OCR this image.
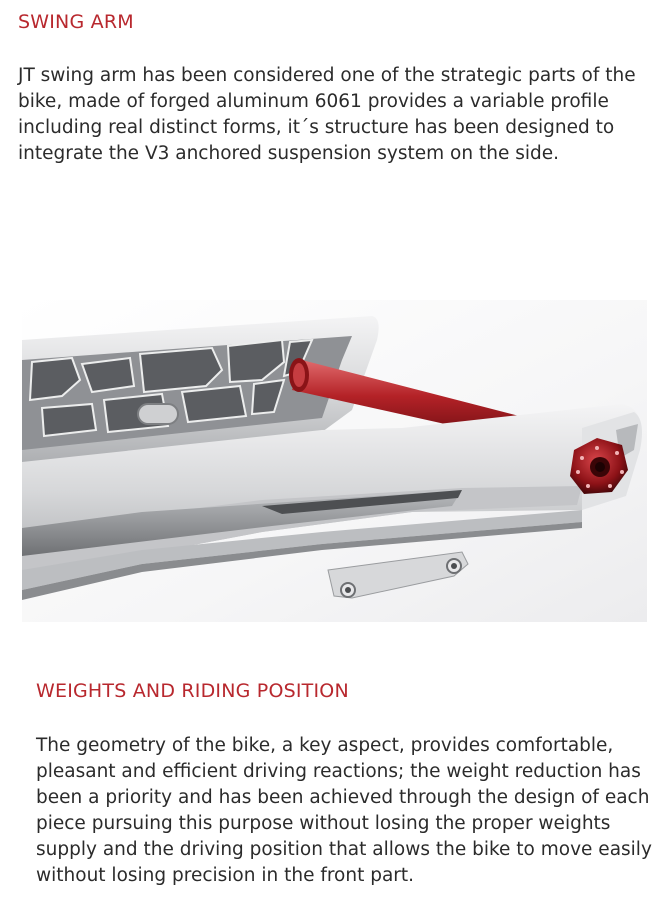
SWING ARM

JT swing arm has been considered one of the strategic parts of the
bike, made of forged aluminum 6061 provides a variable profile
including real distinct forms, it´s structure has been designed to
integrate the V3 anchored suspension system on the side.

WEIGHTS AND RIDING POSITION

The geometry of the bike, a key aspect, provides comfortable,
pleasant and efficient driving reactions; the weight reduction has
been a priority and has been achieved through the design of each
piece pursuing this purpose without losing the proper weights
supply and the driving position that allows the bike to move easily
without losing precision in the front part.
